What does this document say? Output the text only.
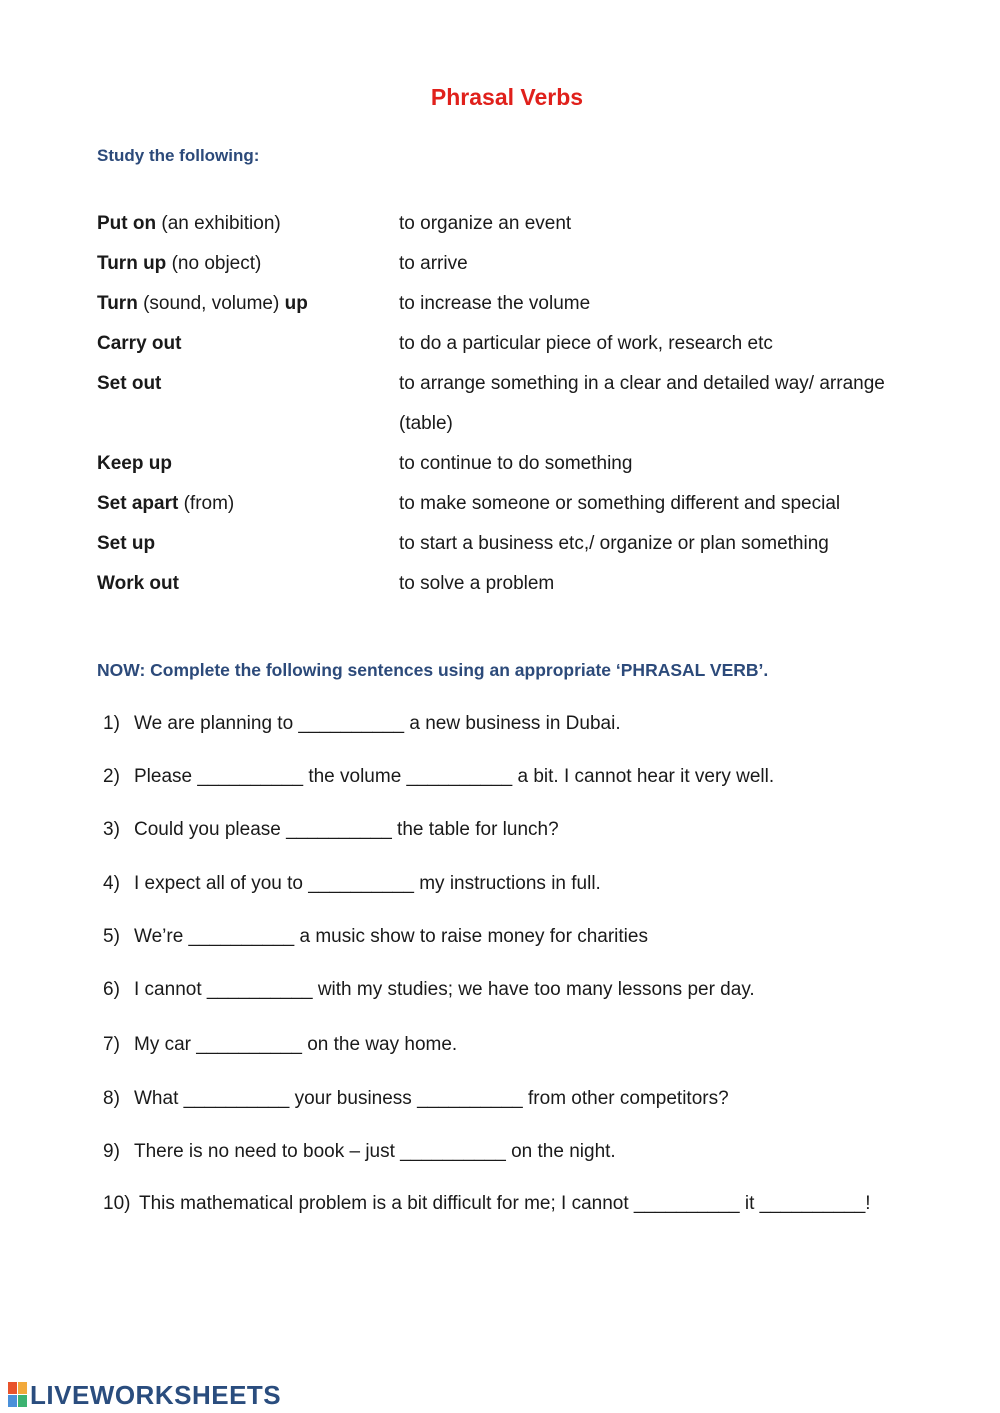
Phrasal Verbs
Study the following:
Put on (an exhibition)	to organize an event
Turn up (no object)	to arrive
Turn (sound, volume) up	to increase the volume
Carry out	to do a particular piece of work, research etc
Set out	to arrange something in a clear and detailed way/ arrange
(table)
Keep up	to continue to do something
Set apart (from)	to make someone or something different and special
Set up	to start a business etc,/ organize or plan something
Work out	to solve a problem
NOW: Complete the following sentences using an appropriate ‘PHRASAL VERB’.
1) We are planning to __________ a new business in Dubai.
2) Please __________ the volume __________ a bit. I cannot hear it very well.
3) Could you please __________ the table for lunch?
4) I expect all of you to __________ my instructions in full.
5) We’re __________ a music show to raise money for charities
6) I cannot __________ with my studies; we have too many lessons per day.
7) My car __________ on the way home.
8) What __________ your business __________ from other competitors?
9) There is no need to book – just __________ on the night.
10) This mathematical problem is a bit difficult for me; I cannot __________ it __________!
LIVEWORKSHEETS
